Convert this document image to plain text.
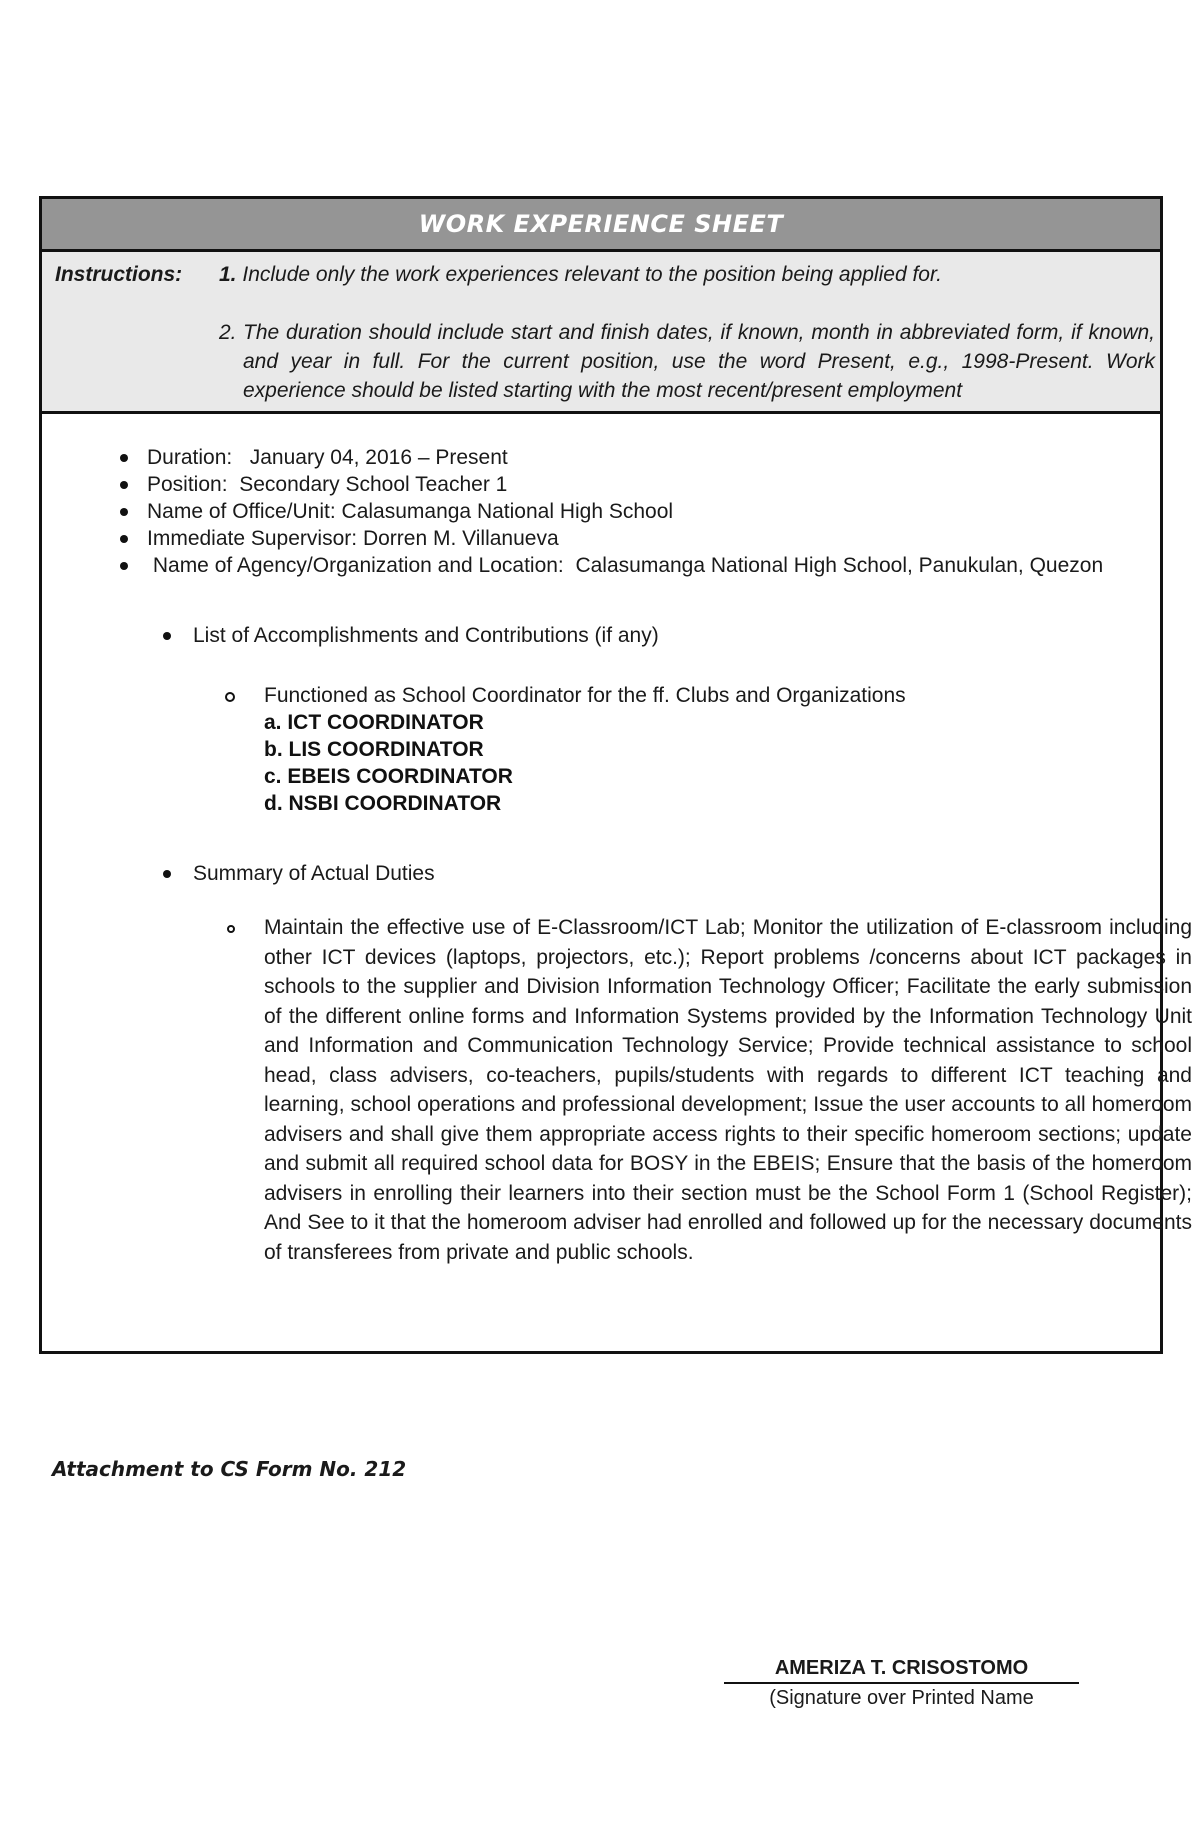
WORK EXPERIENCE SHEET
Instructions: 1. Include only the work experiences relevant to the position being applied for.
2. The duration should include start and finish dates, if known, month in abbreviated form, if known, and year in full. For the current position, use the word Present, e.g., 1998-Present. Work experience should be listed starting with the most recent/present employment
Duration: January 04, 2016 – Present
Position: Secondary School Teacher 1
Name of Office/Unit: Calasumanga National High School
Immediate Supervisor: Dorren M. Villanueva
Name of Agency/Organization and Location: Calasumanga National High School, Panukulan, Quezon
List of Accomplishments and Contributions (if any)
Functioned as School Coordinator for the ff. Clubs and Organizations
a. ICT COORDINATOR
b. LIS COORDINATOR
c. EBEIS COORDINATOR
d. NSBI COORDINATOR
Summary of Actual Duties
Maintain the effective use of E-Classroom/ICT Lab; Monitor the utilization of E-classroom including other ICT devices (laptops, projectors, etc.); Report problems /concerns about ICT packages in schools to the supplier and Division Information Technology Officer; Facilitate the early submission of the different online forms and Information Systems provided by the Information Technology Unit and Information and Communication Technology Service; Provide technical assistance to school head, class advisers, co-teachers, pupils/students with regards to different ICT teaching and learning, school operations and professional development; Issue the user accounts to all homeroom advisers and shall give them appropriate access rights to their specific homeroom sections; update and submit all required school data for BOSY in the EBEIS; Ensure that the basis of the homeroom advisers in enrolling their learners into their section must be the School Form 1 (School Register); And See to it that the homeroom adviser had enrolled and followed up for the necessary documents of transferees from private and public schools.
Attachment to CS Form No. 212
AMERIZA T. CRISOSTOMO
(Signature over Printed Name
